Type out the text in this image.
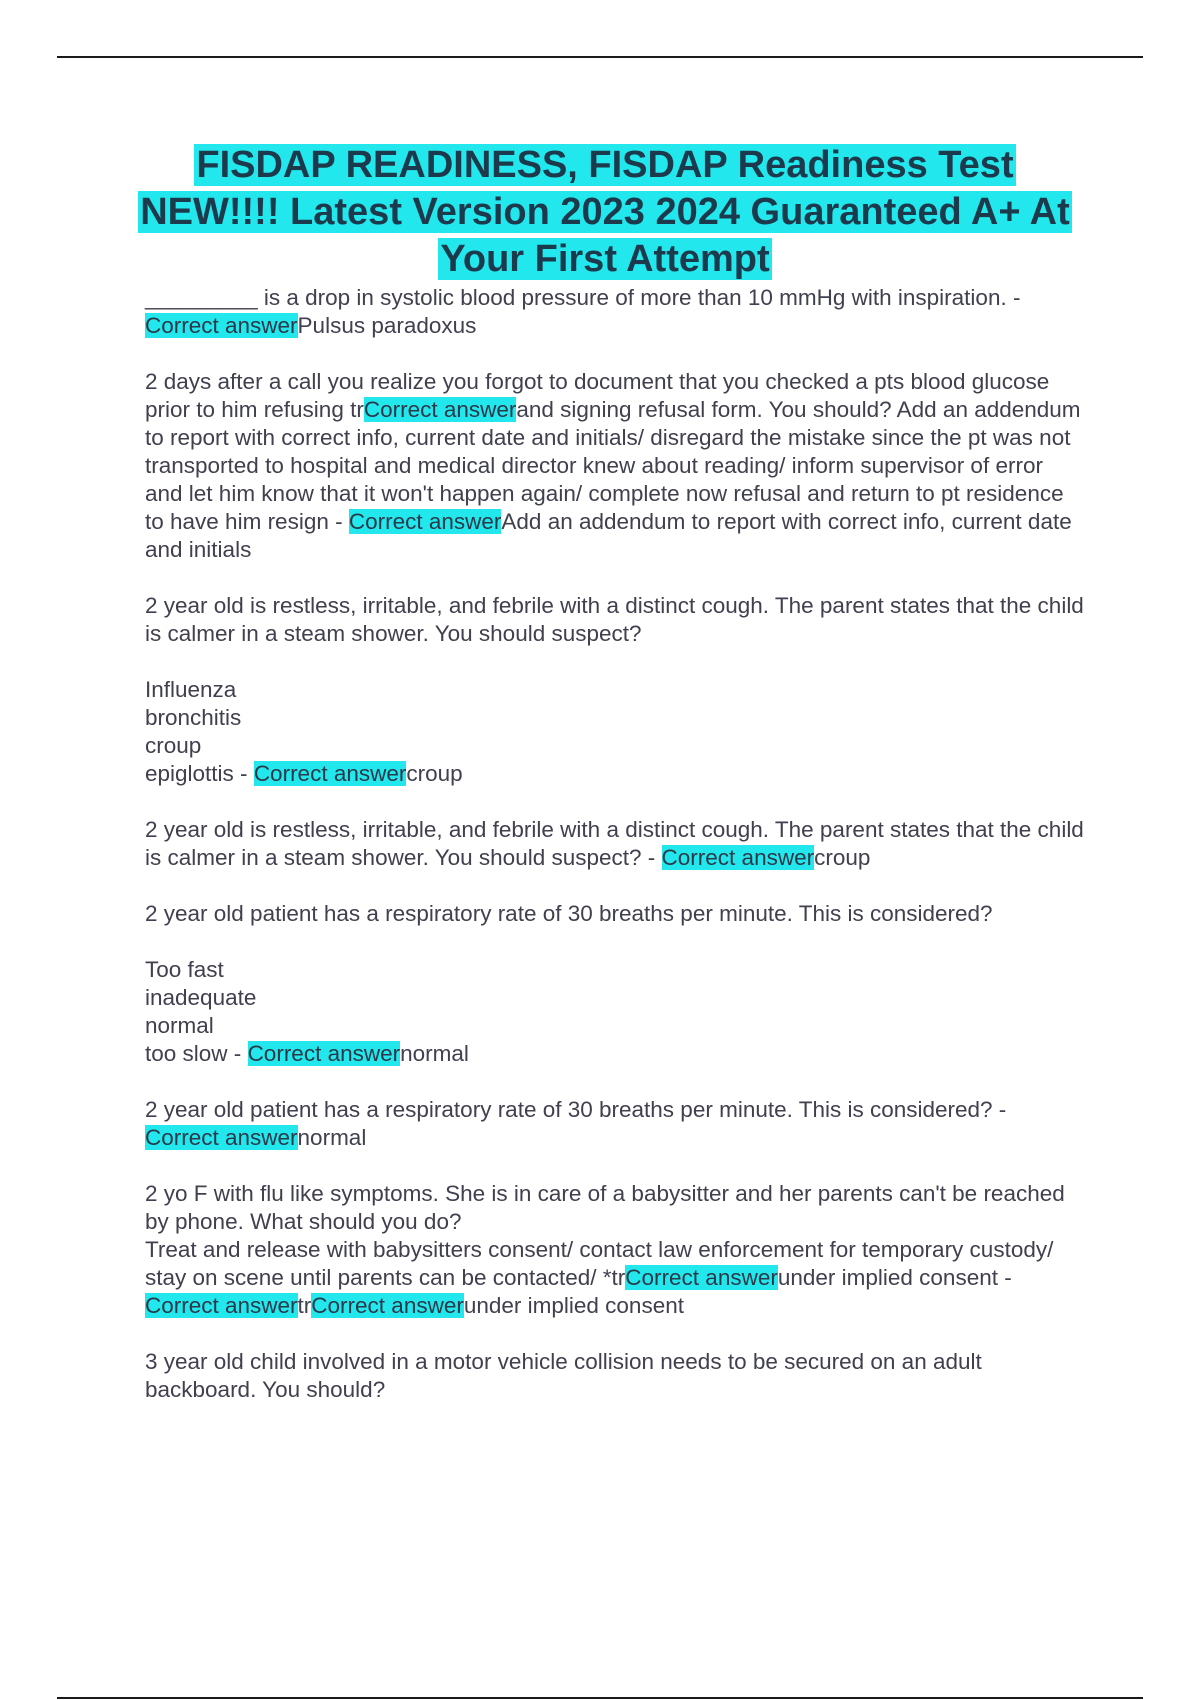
FISDAP READINESS, FISDAP Readiness Test NEW!!!! Latest Version 2023 2024 Guaranteed A+ At Your First Attempt

_________ is a drop in systolic blood pressure of more than 10 mmHg with inspiration. -
Correct answerPulsus paradoxus

2 days after a call you realize you forgot to document that you checked a pts blood glucose prior to him refusing trCorrect answerand signing refusal form. You should? Add an addendum to report with correct info, current date and initials/ disregard the mistake since the pt was not transported to hospital and medical director knew about reading/ inform supervisor of error and let him know that it won't happen again/ complete now refusal and return to pt residence to have him resign - Correct answerAdd an addendum to report with correct info, current date and initials

2 year old is restless, irritable, and febrile with a distinct cough. The parent states that the child is calmer in a steam shower. You should suspect?

Influenza
bronchitis
croup
epiglottis - Correct answercroup

2 year old is restless, irritable, and febrile with a distinct cough. The parent states that the child is calmer in a steam shower. You should suspect? - Correct answercroup

2 year old patient has a respiratory rate of 30 breaths per minute. This is considered?

Too fast
inadequate
normal
too slow - Correct answernormal

2 year old patient has a respiratory rate of 30 breaths per minute. This is considered? -
Correct answernormal

2 yo F with flu like symptoms. She is in care of a babysitter and her parents can't be reached by phone. What should you do?
Treat and release with babysitters consent/ contact law enforcement for temporary custody/ stay on scene until parents can be contacted/ *trCorrect answerunder implied consent - Correct answertrCorrect answerunder implied consent

3 year old child involved in a motor vehicle collision needs to be secured on an adult backboard. You should?
